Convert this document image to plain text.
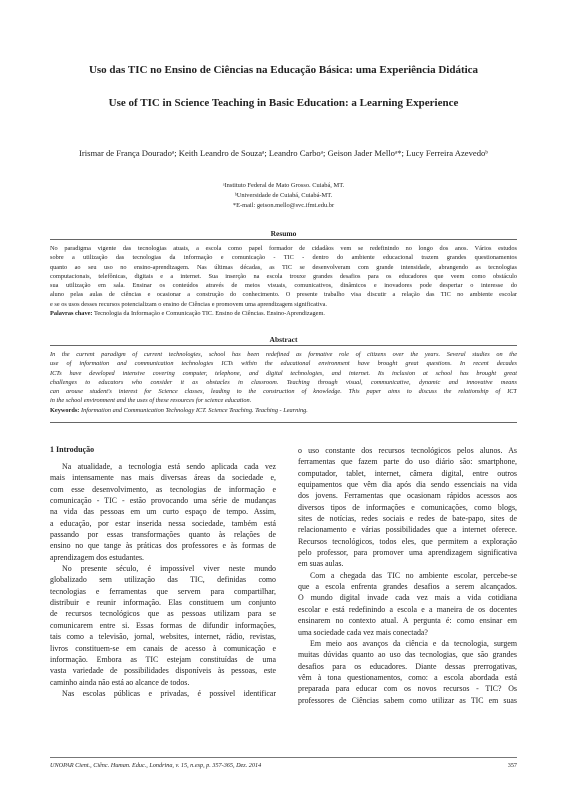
Uso das TIC no Ensino de Ciências na Educação Básica: uma Experiência Didática
Use of TIC in Science Teaching in Basic Education: a Learning Experience
Irismar de França Douradoᵃ; Keith Leandro de Souzaᵃ; Leandro Carboᵃ; Geison Jader Melloᵃ*; Lucy Ferreira Azevedoᵇ
ᵃInstituto Federal de Mato Grosso. Cuiabá, MT.
ᵇUniversidade de Cuiabá, Cuiabá-MT.
*E-mail: geison.mello@svc.ifmt.edu.br
Resumo
No paradigma vigente das tecnologias atuais, a escola como papel formador de cidadãos vem se redefinindo no longo dos anos. Vários estudos
sobre a utilização das tecnologias da informação e comunicação - TIC - dentro do ambiente educacional trazem grandes questionamentos
quanto ao seu uso no ensino-aprendizagem. Nas últimas décadas, as TIC se desenvolveram com grande intensidade, abrangendo as tecnologias
computacionais, telefônicas, digitais e a internet. Sua inserção na escola trouxe grandes desafios para os educadores que veem como obstáculo
sua utilização em sala. Ensinar os conteúdos através de meios visuais, comunicativos, dinâmicos e inovadores pode despertar o interesse do
aluno pelas aulas de ciências e ocasionar a construção do conhecimento. O presente trabalho visa discutir a relação das TIC no ambiente escolar
e se os usos desses recursos potencializam o ensino de Ciências e promovem uma aprendizagem significativa.
Palavras chave: Tecnologia da Informação e Comunicação TIC. Ensino de Ciências. Ensino-Aprendizagem.
Abstract
In the current paradigm of current technologies, school has been redefined as formative role of citizens over the years. Several studies on the
use of information and communication technologies ICTs within the educational environment have brought great questions. In recent decades
ICTs have developed intensive covering computer, telephone, and digital technologies, and internet. Its inclusion at school has brought great
challenges to educators who consider it as obstacles in classroom. Teaching through visual, communicative, dynamic and innovative means
can arouse student's interest for Science classes, leading to the construction of knowledge. This paper aims to discuss the relationship of ICT
in the school environment and the uses of these resources for science education.
Keywords: Information and Communication Technology ICT. Science Teaching. Teaching - Learning.
1 Introdução
Na atualidade, a tecnologia está sendo aplicada cada vez
mais intensamente nas mais diversas áreas da sociedade e,
com esse desenvolvimento, as tecnologias de informação e
comunicação - TIC - estão provocando uma série de mudanças
na vida das pessoas em um curto espaço de tempo. Assim,
a educação, por estar inserida nessa sociedade, também está
passando por essas transformações quanto às relações de
ensino no que tange às práticas dos professores e às formas de
aprendizagem dos estudantes.
No presente século, é impossível viver neste mundo
globalizado sem utilização das TIC, definidas como
tecnologias e ferramentas que servem para compartilhar,
distribuir e reunir informação. Elas constituem um conjunto
de recursos tecnológicos que as pessoas utilizam para se
comunicarem entre si. Essas formas de difundir informações,
tais como a televisão, jornal, websites, internet, rádio, revistas,
livros constituem-se em canais de acesso à comunicação e
informação. Embora as TIC estejam constituídas de uma
vasta variedade de possibilidades disponíveis às pessoas, este
caminho ainda não está ao alcance de todos.
Nas escolas públicas e privadas, é possível identificar
o uso constante dos recursos tecnológicos pelos alunos. As
ferramentas que fazem parte do uso diário são: smartphone,
computador, tablet, internet, câmera digital, entre outros
equipamentos que vêm dia após dia sendo essenciais na vida
dos jovens. Ferramentas que ocasionam rápidos acessos aos
diversos tipos de informações e comunicações, como blogs,
sites de notícias, redes sociais e redes de bate-papo, sites de
relacionamento e várias possibilidades que a internet oferece.
Recursos tecnológicos, todos eles, que permitem a exploração
pelo professor, para promover uma aprendizagem significativa
em suas aulas.
Com a chegada das TIC no ambiente escolar, percebe-se
que a escola enfrenta grandes desafios a serem alcançados.
O mundo digital invade cada vez mais a vida cotidiana
escolar e está redefinindo a escola e a maneira de os docentes
ensinarem no contexto atual. A pergunta é: como ensinar em
uma sociedade cada vez mais conectada?
Em meio aos avanços da ciência e da tecnologia, surgem
muitas dúvidas quanto ao uso das tecnologias, que são grandes
desafios para os educadores. Diante dessas prerrogativas,
vêm à tona questionamentos, como: a escola abordada está
preparada para educar com os novos recursos - TIC? Os
professores de Ciências sabem como utilizar as TIC em suas
UNOPAR Cient., Ciênc. Human. Educ., Londrina, v. 15, n.esp, p. 357-365, Dez. 2014	357
